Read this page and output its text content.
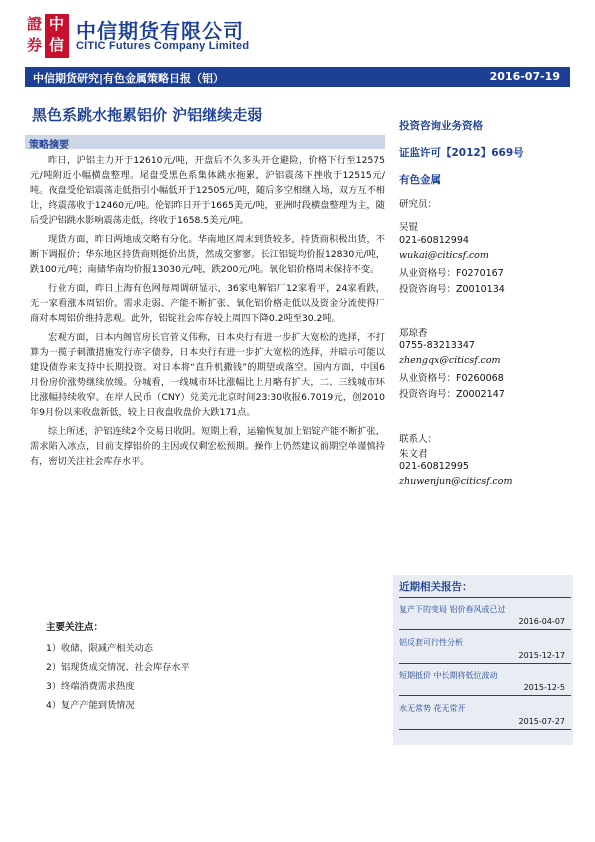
證 中
券 信
中信期货有限公司
CITIC Futures Company Limited
中信期货研究|有色金属策略日报（铝）	2016-07-19
黑色系跳水拖累铝价 沪铝继续走弱
策略摘要

昨日，沪铝主力开于12610元/吨，开盘后不久多头开仓避险，价格下行至12575元/吨附近小幅横盘整理。尾盘受黑色系集体跳水拖累，沪铝震荡下挫收于12515元/吨。夜盘受伦铝震荡走低指引小幅低开于12505元/吨，随后多空相继入场，双方互不相让，终震荡收于12460元/吨。伦铝昨日开于1665美元/吨，亚洲时段横盘整理为主，随后受沪铝跳水影响震荡走低，终收于1658.5美元/吨。

现货方面，昨日两地成交略有分化。华南地区周末到货较多，持货商积极出货，不断下调报价；华东地区持货商则挺价出货，然成交寥寥。长江铝锭均价报12830元/吨，跌100元/吨；南储华南均价报13030元/吨，跌200元/吨。氧化铝价格周末保持不变。

行业方面，昨日上海有色网每周调研显示，36家电解铝厂12家看平，24家看跌，无一家看涨本周铝价。需求走弱、产能不断扩张、氧化铝价格走低以及资金分流使得厂商对本周铝价维持悲观。此外，铝锭社会库存较上周四下降0.2吨至30.2吨。

宏观方面，日本内阁官房长官菅义伟称，日本央行有进一步扩大宽松的选择，不打算为一揽子刺激措施发行赤字债券，日本央行有进一步扩大宽松的选择，并暗示可能以建设债券来支持中长期投资。对日本将“直升机撒钱”的期望或落空。国内方面，中国6月份房价涨势继续放缓。分城看，一线城市环比涨幅比上月略有扩大，二、三线城市环比涨幅持续收窄。在岸人民币（CNY）兑美元北京时间23:30收报6.7019元，创2010年9月份以来收盘新低，较上日夜盘收盘价大跌171点。

综上所述，沪铝连续2个交易日收阴。短期上看，运输恢复加上铝锭产能不断扩张，需求陷入冰点，目前支撑铝价的主因或仅剩宏松预期。操作上仍然建议前期空单谨慎持有，密切关注社会库存水平。

主要关注点：
1）收储、限减产相关动态
2）铝现货成交情况、社会库存水平
3）终端消费需求热度
4）复产产能到货情况
投资咨询业务资格
证监许可【2012】669号
有色金属
研究员：
吴锟
021-60812994
wukai@citicsf.com
从业资格号：F0270167
投资咨询号：Z0010134
郑琼香
0755-83213347
zhengqx@citicsf.com
从业资格号：F0260068
投资咨询号：Z0002147
联系人：
朱文君
021-60812995
zhuwenjun@citicsf.com
近期相关报告：
复产下的变局 铝价春风或已过
2016-04-07
铝反套可行性分析
2015-12-17
短期抵价 中长期将低位波动
2015-12-5
水无常势 花无常开
2015-07-27
